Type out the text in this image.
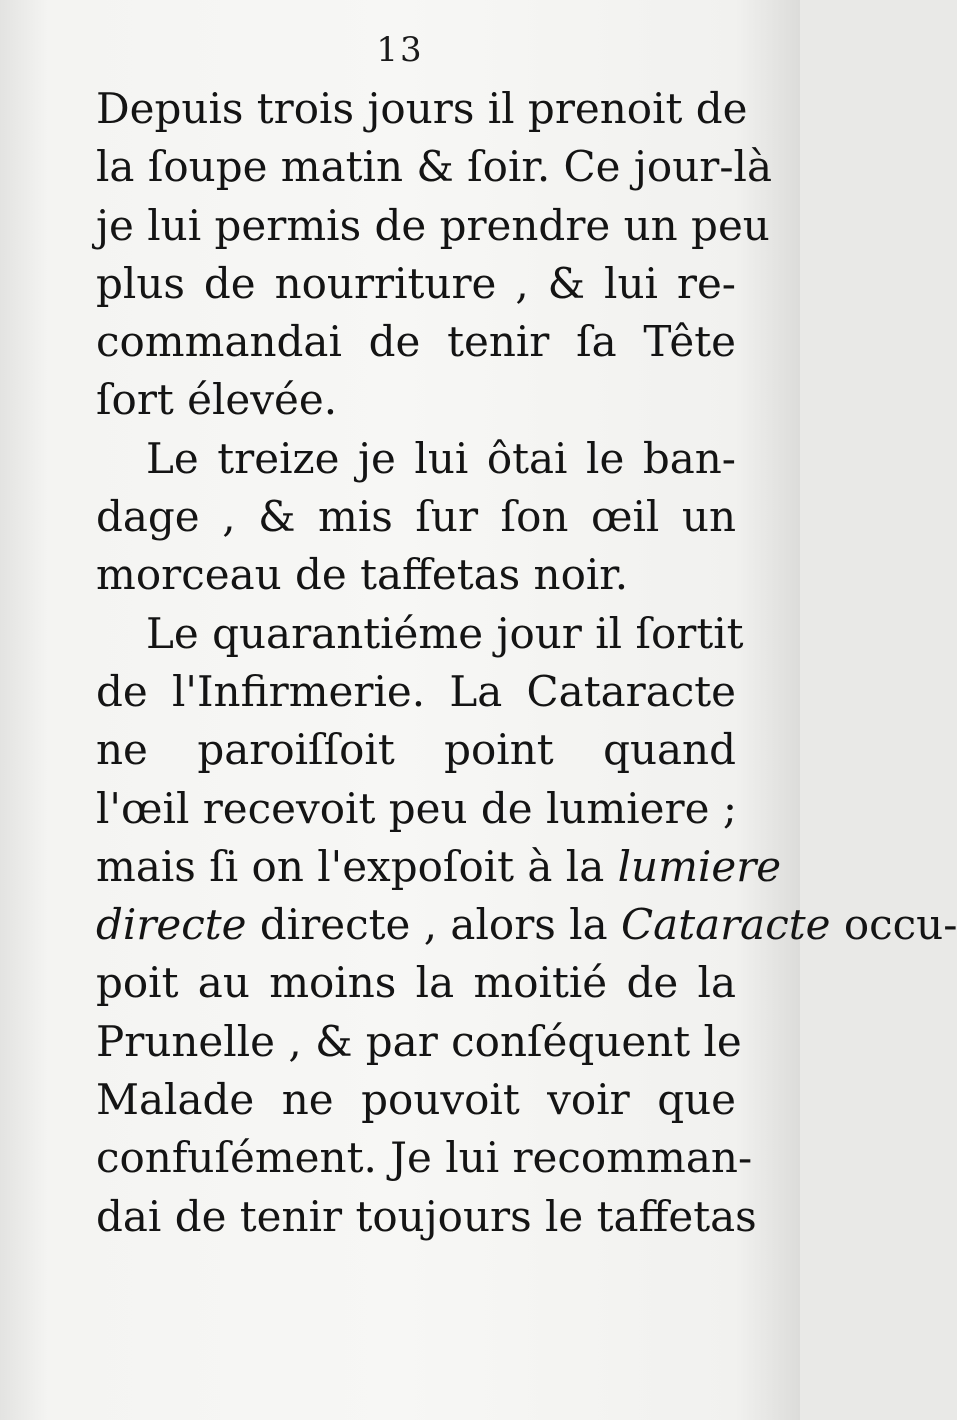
13
Depuis trois jours il prenoit de
la ſoupe matin & ſoir. Ce jour-là
je lui permis de prendre un peu
plus de nourriture , & lui re-
commandai de tenir ſa Tête
ſort élevée.
Le treize je lui ôtai le ban-
dage , & mis ſur ſon œil un
morceau de taffetas noir.
Le quarantiéme jour il ſortit
de l'Infirmerie. La Cataracte
ne paroiſſoit point quand
l'œil recevoit peu de lumiere ;
mais ſi on l'expoſoit à la lumiere
directe directe , alors la Cataracte occu-
poit au moins la moitié de la
Prunelle , & par conſéquent le
Malade ne pouvoit voir que
confuſément. Je lui recomman-
dai de tenir toujours le taffetas
